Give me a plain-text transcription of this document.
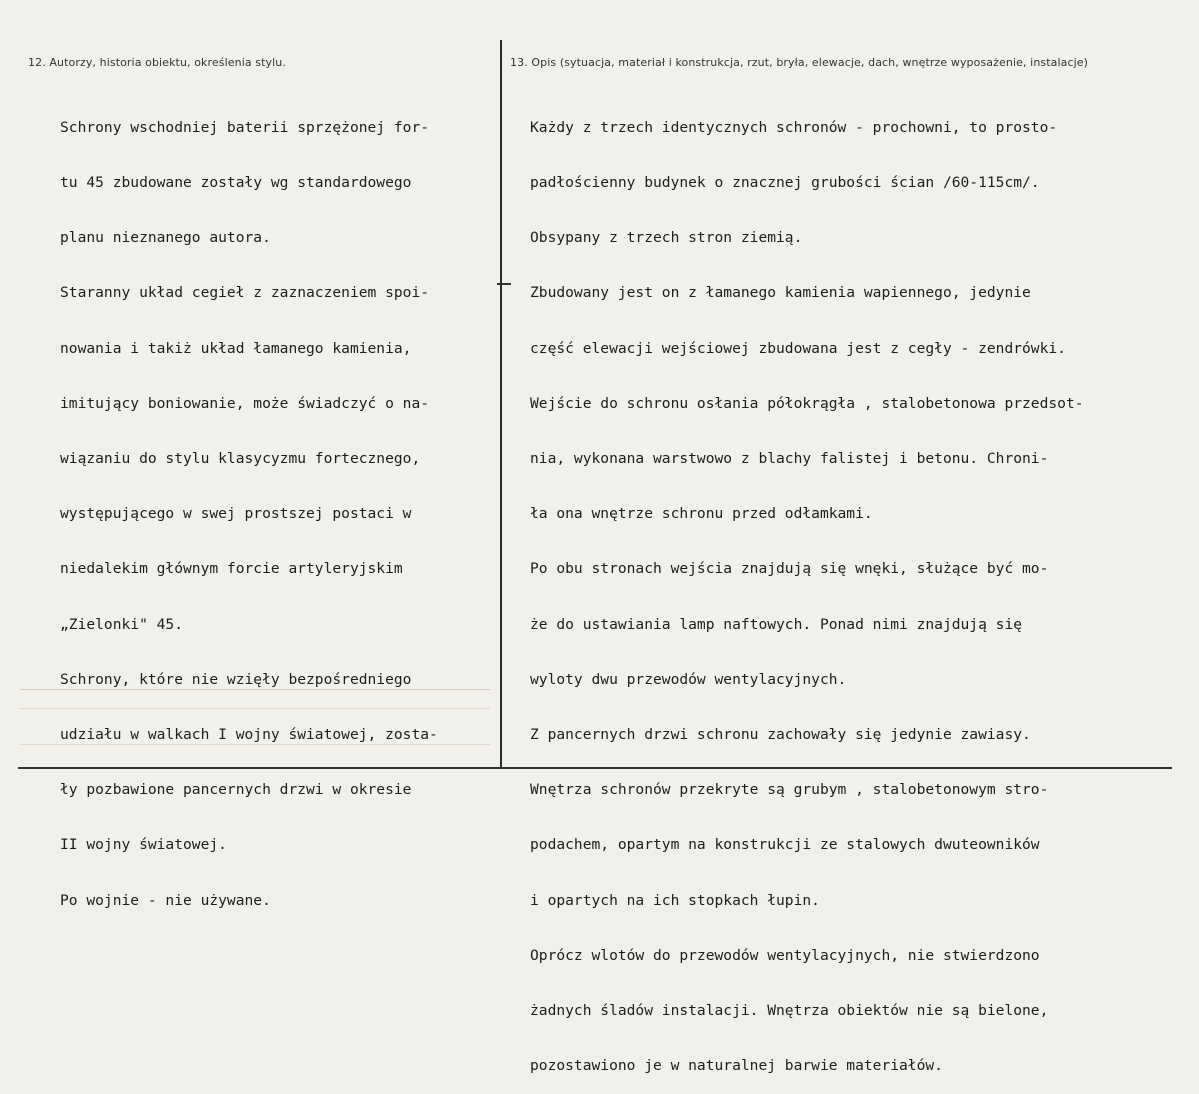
12. Autorzy, historia obiektu, określenia stylu.	13. Opis (sytuacja, materiał i konstrukcja, rzut, bryła, elewacje, dach, wnętrze wyposażenie, instalacje)

Schrony wschodniej baterii sprzężonej for-

tu 45 zbudowane zostały wg standardowego

planu nieznanego autora.

Staranny układ cegieł z zaznaczeniem spoi-

nowania i takiż układ łamanego kamienia,

imitujący boniowanie, może świadczyć o na-

wiązaniu do stylu klasycyzmu fortecznego,

występującego w swej prostszej postaci w

niedalekim głównym forcie artyleryjskim

„Zielonki" 45.

Schrony, które nie wzięły bezpośredniego

udziału w walkach I wojny światowej, zosta-

ły pozbawione pancernych drzwi w okresie

II wojny światowej.

Po wojnie - nie używane.

Każdy z trzech identycznych schronów - prochowni, to prosto-

padłościenny budynek o znacznej grubości ścian /60-115cm/.

Obsypany z trzech stron ziemią.

Zbudowany jest on z łamanego kamienia wapiennego, jedynie

część elewacji wejściowej zbudowana jest z cegły - zendrówki.

Wejście do schronu osłania półokrągła , stalobetonowa przedsot-

nia, wykonana warstwowo z blachy falistej i betonu. Chroni-

ła ona wnętrze schronu przed odłamkami.

Po obu stronach wejścia znajdują się wnęki, służące być mo-

że do ustawiania lamp naftowych. Ponad nimi znajdują się

wyloty dwu przewodów wentylacyjnych.

Z pancernych drzwi schronu zachowały się jedynie zawiasy.

Wnętrza schronów przekryte są grubym , stalobetonowym stro-

podachem, opartym na konstrukcji ze stalowych dwuteowników

i opartych na ich stopkach łupin.

Oprócz wlotów do przewodów wentylacyjnych, nie stwierdzono

żadnych śladów instalacji. Wnętrza obiektów nie są bielone,

pozostawiono je w naturalnej barwie materiałów.
